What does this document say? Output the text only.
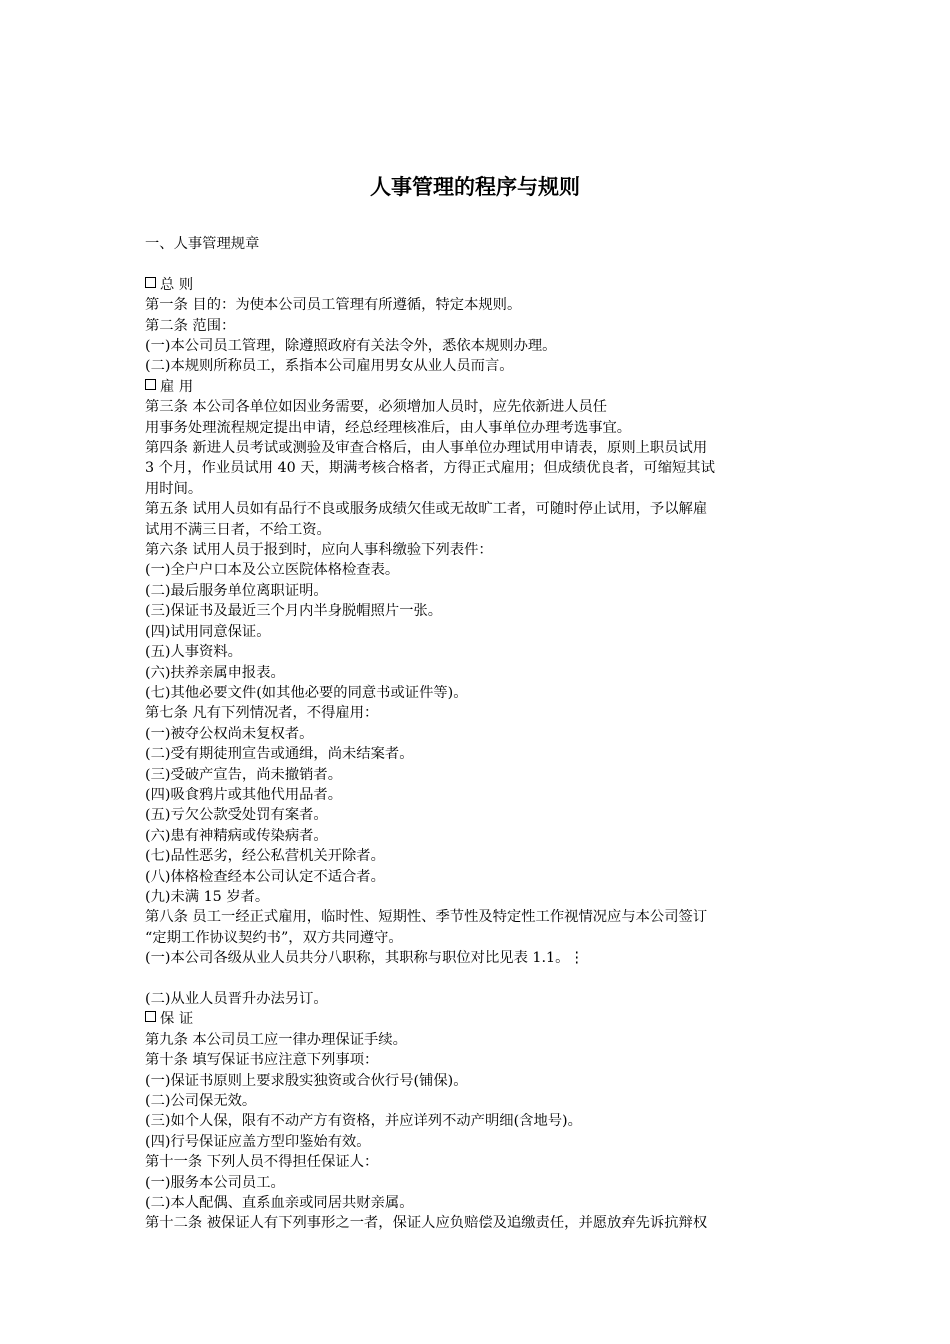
人事管理的程序与规则

一、人事管理规章

总 则

第一条 目的：为使本公司员工管理有所遵循，特定本规则。

第二条 范围：

(一)本公司员工管理，除遵照政府有关法令外，悉依本规则办理。

(二)本规则所称员工，系指本公司雇用男女从业人员而言。

雇 用

第三条 本公司各单位如因业务需要，必须增加人员时，应先依新进人员任

用事务处理流程规定提出申请，经总经理核准后，由人事单位办理考选事宜。

第四条 新进人员考试或测验及审查合格后，由人事单位办理试用申请表，原则上职员试用

3 个月，作业员试用 40 天，期满考核合格者，方得正式雇用；但成绩优良者，可缩短其试

用时间。

第五条 试用人员如有品行不良或服务成绩欠佳或无故旷工者，可随时停止试用，予以解雇

试用不满三日者，不给工资。

第六条 试用人员于报到时，应向人事科缴验下列表件：

(一)全户户口本及公立医院体格检查表。

(二)最后服务单位离职证明。

(三)保证书及最近三个月内半身脱帽照片一张。

(四)试用同意保证。

(五)人事资料。

(六)扶养亲属申报表。

(七)其他必要文件(如其他必要的同意书或证件等)。

第七条 凡有下列情况者，不得雇用：

(一)被夺公权尚未复权者。

(二)受有期徒刑宣告或通缉，尚未结案者。

(三)受破产宣告，尚未撤销者。

(四)吸食鸦片或其他代用品者。

(五)亏欠公款受处罚有案者。

(六)患有神精病或传染病者。

(七)品性恶劣，经公私营机关开除者。

(八)体格检查经本公司认定不适合者。

(九)未满 15 岁者。

第八条 员工一经正式雇用，临时性、短期性、季节性及特定性工作视情况应与本公司签订

“定期工作协议契约书”，双方共同遵守。

(一)本公司各级从业人员共分八职称，其职称与职位对比见表 1.1。⋮

(二)从业人员晋升办法另订。

保 证

第九条 本公司员工应一律办理保证手续。

第十条 填写保证书应注意下列事项：

(一)保证书原则上要求殷实独资或合伙行号(铺保)。

(二)公司保无效。

(三)如个人保，限有不动产方有资格，并应详列不动产明细(含地号)。

(四)行号保证应盖方型印鉴始有效。

第十一条 下列人员不得担任保证人：

(一)服务本公司员工。

(二)本人配偶、直系血亲或同居共财亲属。

第十二条 被保证人有下列事形之一者，保证人应负赔偿及追缴责任，并愿放弃先诉抗辩权
